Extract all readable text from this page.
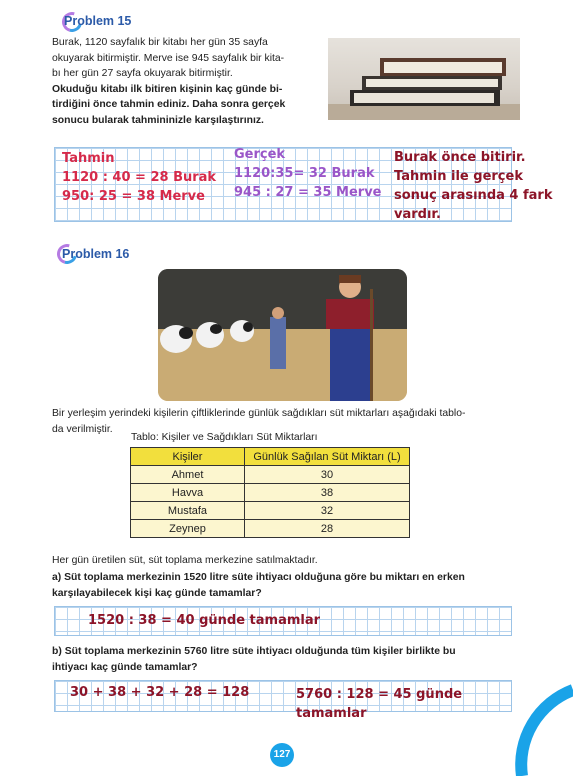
Problem 15
Burak, 1120 sayfalık bir kitabı her gün 35 sayfa
okuyarak bitirmiştir. Merve ise 945 sayfalık bir kita-
bı her gün 27 sayfa okuyarak bitirmiştir.
Okuduğu kitabı ilk bitiren kişinin kaç günde bi-
tirdiğini önce tahmin ediniz. Daha sonra gerçek
sonucu bularak tahmininizle karşılaştırınız.
Tahmin
1120 : 40 = 28 Burak
950: 25 = 38 Merve
Gerçek
1120:35= 32 Burak
945 : 27 = 35 Merve
Burak önce bitirir.
Tahmin ile gerçek
sonuç arasında 4 fark
vardır.
Problem 16
Bir yerleşim yerindeki kişilerin çiftliklerinde günlük sağdıkları süt miktarları aşağıdaki tablo-
da verilmiştir.
Tablo: Kişiler ve Sağdıkları Süt Miktarları
Kişiler	Günlük Sağılan Süt Miktarı (L)
Ahmet	30
Havva	38
Mustafa	32
Zeynep	28
Her gün üretilen süt, süt toplama merkezine satılmaktadır.
a) Süt toplama merkezinin 1520 litre süte ihtiyacı olduğuna göre bu miktarı en erken
karşılayabilecek kişi kaç günde tamamlar?
1520 : 38 = 40 günde tamamlar
b) Süt toplama merkezinin 5760 litre süte ihtiyacı olduğunda tüm kişiler birlikte bu
ihtiyacı kaç günde tamamlar?
30 + 38 + 32 + 28 = 128	5760 : 128 = 45 günde
tamamlar
127
